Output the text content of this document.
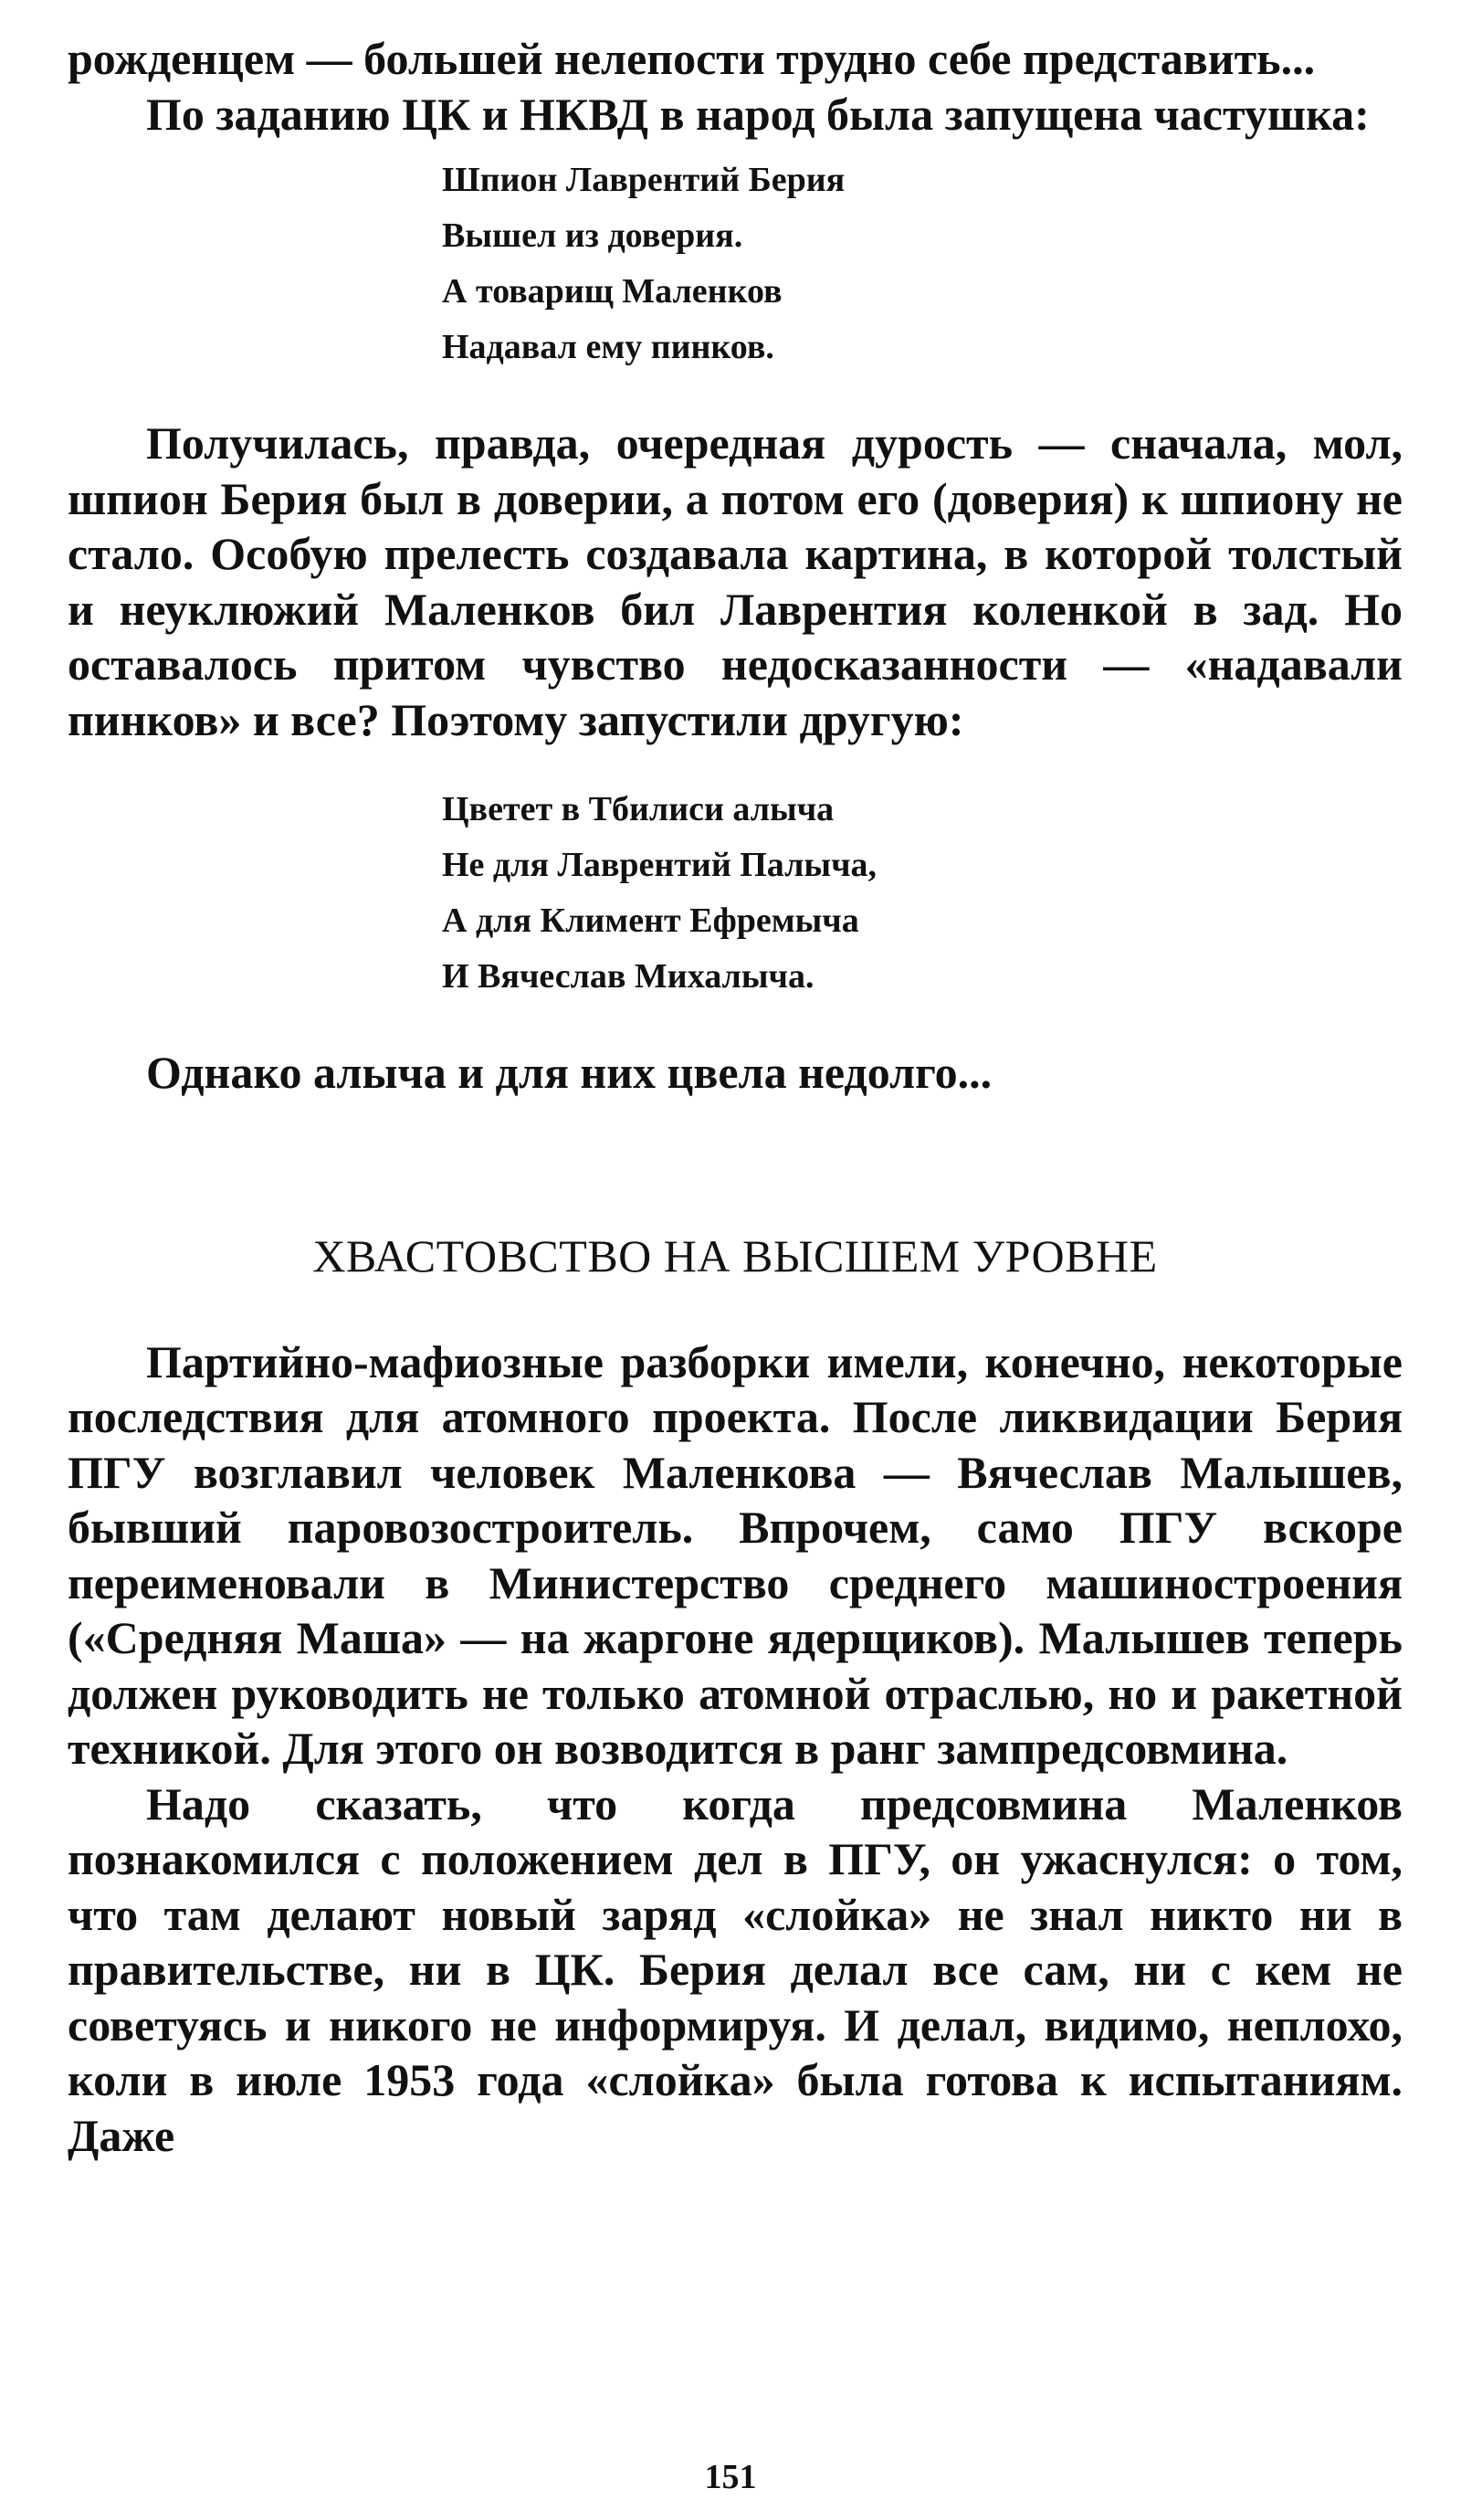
рожденцем — большей нелепости трудно себе представить...

По заданию ЦК и НКВД в народ была запущена частушка:

Шпион Лаврентий Берия
Вышел из доверия.
А товарищ Маленков
Надавал ему пинков.

Получилась, правда, очередная дурость — сначала, мол, шпион Берия был в доверии, а потом его (доверия) к шпиону не стало. Особую прелесть создавала картина, в которой толстый и неуклюжий Маленков бил Лаврентия коленкой в зад. Но оставалось притом чувство недосказанности — «надавали пинков» и все? Поэтому запустили другую:

Цветет в Тбилиси алыча
Не для Лаврентий Палыча,
А для Климент Ефремыча
И Вячеслав Михалыча.

Однако алыча и для них цвела недолго...

ХВАСТОВСТВО НА ВЫСШЕМ УРОВНЕ

Партийно-мафиозные разборки имели, конечно, некоторые последствия для атомного проекта. После ликвидации Берия ПГУ возглавил человек Маленкова — Вячеслав Малышев, бывший паровозостроитель. Впрочем, само ПГУ вскоре переименовали в Министерство среднего машиностроения («Средняя Маша» — на жаргоне ядерщиков). Малышев теперь должен руководить не только атомной отраслью, но и ракетной техникой. Для этого он возводится в ранг зампредсовмина.

Надо сказать, что когда предсовмина Маленков познакомился с положением дел в ПГУ, он ужаснулся: о том, что там делают новый заряд «слойка» не знал никто ни в правительстве, ни в ЦК. Берия делал все сам, ни с кем не советуясь и никого не информируя. И делал, видимо, неплохо, коли в июле 1953 года «слойка» была готова к испытаниям. Даже

151
